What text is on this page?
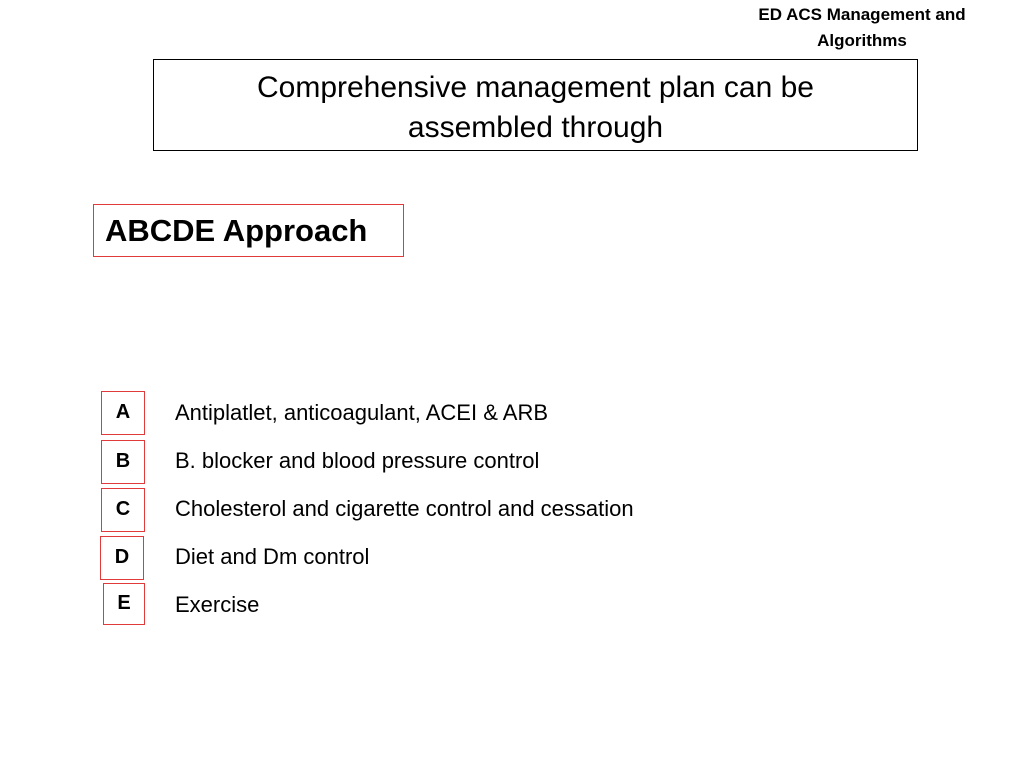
ED ACS Management and
Algorithms
Comprehensive management plan can be
assembled through
ABCDE Approach
A	Antiplatlet, anticoagulant, ACEI & ARB
B	B. blocker and blood pressure control
C	Cholesterol and cigarette control and cessation
D	Diet and Dm control
E	Exercise
